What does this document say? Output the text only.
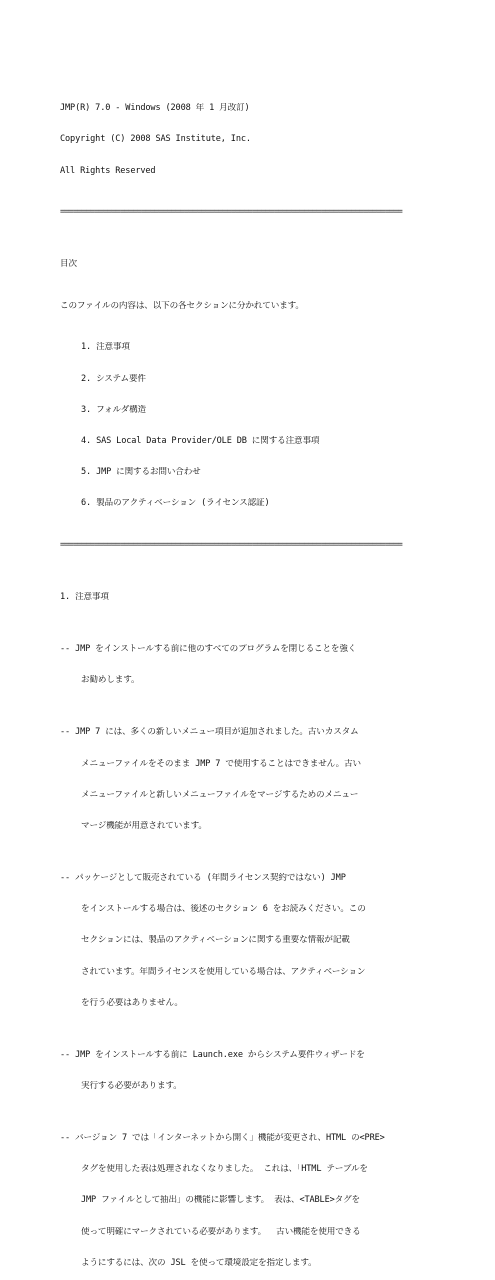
JMP(R) 7.0 - Windows (2008 年 1 月改訂)

Copyright (C) 2008 SAS Institute, Inc.

All Rights Reserved

================================================================================

目次

このファイルの内容は、以下の各セクションに分かれています。

1. 注意事項

2. システム要件

3. フォルダ構造

4. SAS Local Data Provider/OLE DB に関する注意事項

5. JMP に関するお問い合わせ

6. 製品のアクティベーション (ライセンス認証)

================================================================================

1. 注意事項

-- JMP をインストールする前に他のすべてのプログラムを閉じることを強く

お勧めします。

-- JMP 7 には、多くの新しいメニュー項目が追加されました。古いカスタム

メニューファイルをそのまま JMP 7 で使用することはできません。古い

メニューファイルと新しいメニューファイルをマージするためのメニュー

マージ機能が用意されています。

-- パッケージとして販売されている (年間ライセンス契約ではない) JMP

をインストールする場合は、後述のセクション 6 をお読みください。この

セクションには、製品のアクティベーションに関する重要な情報が記載

されています。年間ライセンスを使用している場合は、アクティベーション

を行う必要はありません。

-- JMP をインストールする前に Launch.exe からシステム要件ウィザードを

実行する必要があります。

-- バージョン 7 では「インターネットから開く」機能が変更され、HTML の<PRE>

タグを使用した表は処理されなくなりました。 これは、「HTML テーブルを

JMP ファイルとして抽出」の機能に影響します。 表は、<TABLE>タグを

使って明確にマークされている必要があります。  古い機能を使用できる

ようにするには、次の JSL を使って環境設定を指定します。
